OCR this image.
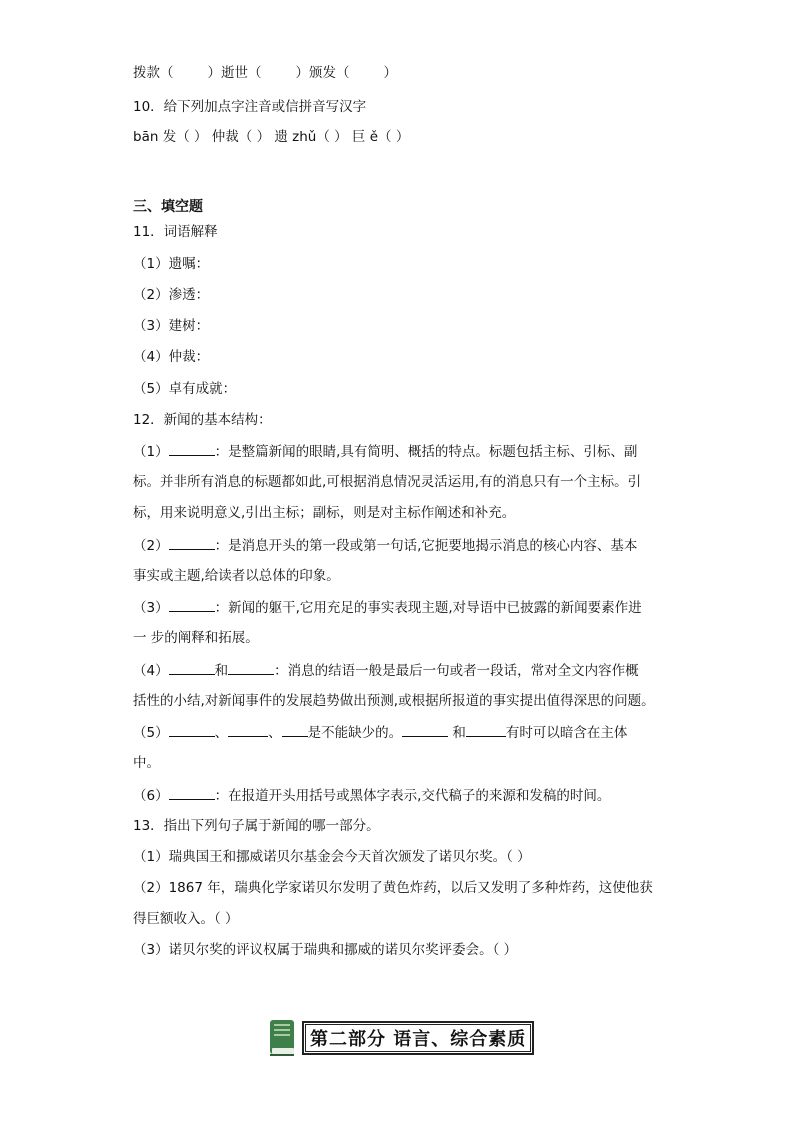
拨款（	）逝世（	）颁发（	）
10．给下列加点字注音或信拼音写汉字
bān 发（ ） 仲裁（ ） 遗 zhǔ（ ） 巨 ě（ ）
三、填空题
11．词语解释
（1）遗嘱：
（2）渗透：
（3）建树：
（4）仲裁：
（5）卓有成就：
12．新闻的基本结构：
（1）	：是整篇新闻的眼睛,具有简明、概括的特点。标题包括主标、引标、副
标。并非所有消息的标题都如此,可根据消息情况灵活运用,有的消息只有一个主标。引
标，用来说明意义,引出主标；副标，则是对主标作阐述和补充。
（2）	：是消息开头的第一段或第一句话,它扼要地揭示消息的核心内容、基本
事实或主题,给读者以总体的印象。
（3）	：新闻的躯干,它用充足的事实表现主题,对导语中已披露的新闻要素作进
一 步的阐释和拓展。
（4）	和	：消息的结语一般是最后一句或者一段话，常对全文内容作概
括性的小结,对新闻事件的发展趋势做出预测,或根据所报道的事实提出值得深思的问题。
（5）	、	、 是不能缺少的。	和	有时可以暗含在主体
中。
（6）	：在报道开头用括号或黑体字表示,交代稿子的来源和发稿的时间。
13．指出下列句子属于新闻的哪一部分。
（1）瑞典国王和挪威诺贝尔基金会今天首次颁发了诺贝尔奖。（ ）
（2）1867 年，瑞典化学家诺贝尔发明了黄色炸药，以后又发明了多种炸药，这使他获
得巨额收入。（ ）
（3）诺贝尔奖的评议权属于瑞典和挪威的诺贝尔奖评委会。（ ）
第二部分 语言、综合素质
